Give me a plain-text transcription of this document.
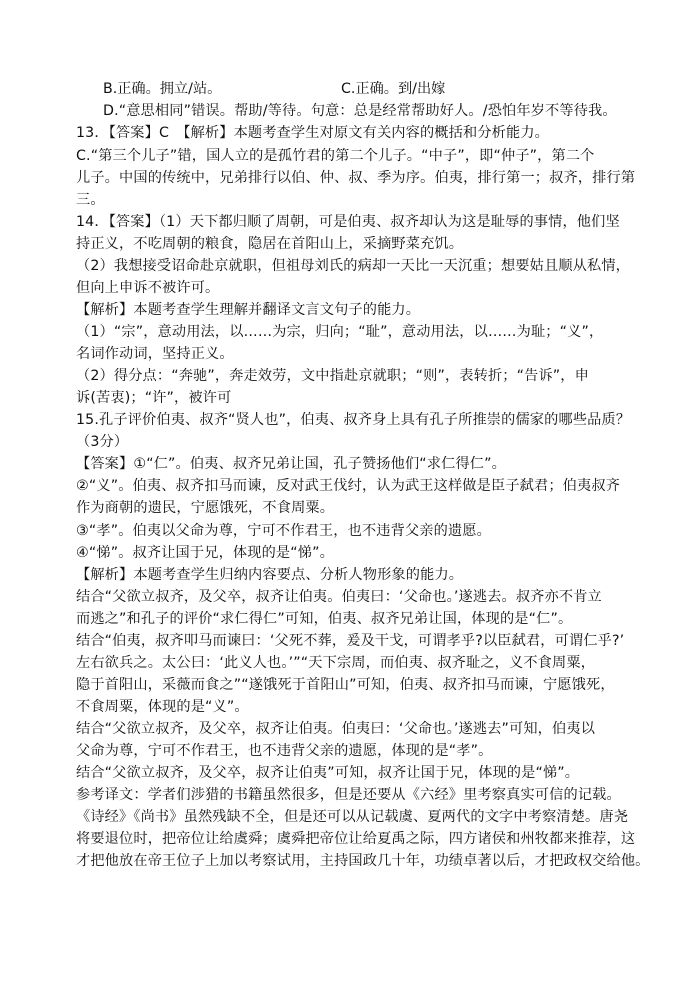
B.正确。拥立/站。	C.正确。到/出嫁
D.“意思相同”错误。帮助/等待。句意：总是经常帮助好人。/恐怕年岁不等待我。
13．【答案】C　【解析】本题考查学生对原文有关内容的概括和分析能力。
C.“第三个儿子”错，国人立的是孤竹君的第二个儿子。“中子”，即“仲子”，第二个
儿子。中国的传统中，兄弟排行以伯、仲、叔、季为序。伯夷，排行第一；叔齐，排行第
三。
14．【答案】（1）天下都归顺了周朝，可是伯夷、叔齐却认为这是耻辱的事情，他们坚
持正义，不吃周朝的粮食，隐居在首阳山上，采摘野菜充饥。
（2）我想接受诏命赴京就职，但祖母刘氏的病却一天比一天沉重；想要姑且顺从私情，
但向上申诉不被许可。
【解析】本题考查学生理解并翻译文言文句子的能力。
（1）“宗”，意动用法，以……为宗，归向；“耻”，意动用法，以……为耻；“义”，
名词作动词，坚持正义。
（2）得分点：“奔驰”，奔走效劳，文中指赴京就职；“则”，表转折；“告诉”，申
诉(苦衷)；“许”，被许可
15.孔子评价伯夷、叔齐“贤人也”，伯夷、叔齐身上具有孔子所推崇的儒家的哪些品质？
（3分）
【答案】①“仁”。伯夷、叔齐兄弟让国，孔子赞扬他们“求仁得仁”。
②“义”。伯夷、叔齐扣马而谏，反对武王伐纣，认为武王这样做是臣子弑君；伯夷叔齐
作为商朝的遗民，宁愿饿死，不食周粟。
③“孝”。伯夷以父命为尊，宁可不作君王，也不违背父亲的遗愿。
④“悌”。叔齐让国于兄，体现的是“悌”。
【解析】本题考查学生归纳内容要点、分析人物形象的能力。
结合“父欲立叔齐，及父卒，叔齐让伯夷。伯夷曰：‘父命也。’遂逃去。叔齐亦不肯立
而逃之”和孔子的评价“求仁得仁”可知，伯夷、叔齐兄弟让国，体现的是“仁”。
结合“伯夷，叔齐叩马而谏曰：‘父死不葬，爰及干戈，可谓孝乎?以臣弑君，可谓仁乎?’
左右欲兵之。太公曰：‘此义人也。’”“天下宗周，而伯夷、叔齐耻之，义不食周粟，
隐于首阳山，采薇而食之”“遂饿死于首阳山”可知，伯夷、叔齐扣马而谏，宁愿饿死，
不食周粟，体现的是“义”。
结合“父欲立叔齐，及父卒，叔齐让伯夷。伯夷曰：‘父命也。’遂逃去”可知，伯夷以
父命为尊，宁可不作君王，也不违背父亲的遗愿，体现的是“孝”。
结合“父欲立叔齐，及父卒，叔齐让伯夷”可知，叔齐让国于兄，体现的是“悌”。
参考译文：学者们涉猎的书籍虽然很多，但是还要从《六经》里考察真实可信的记载。
《诗经》《尚书》虽然残缺不全，但是还可以从记载虞、夏两代的文字中考察清楚。唐尧
将要退位时，把帝位让给虞舜；虞舜把帝位让给夏禹之际，四方诸侯和州牧都来推荐，这
才把他放在帝王位子上加以考察试用，主持国政几十年，功绩卓著以后，才把政权交给他。
